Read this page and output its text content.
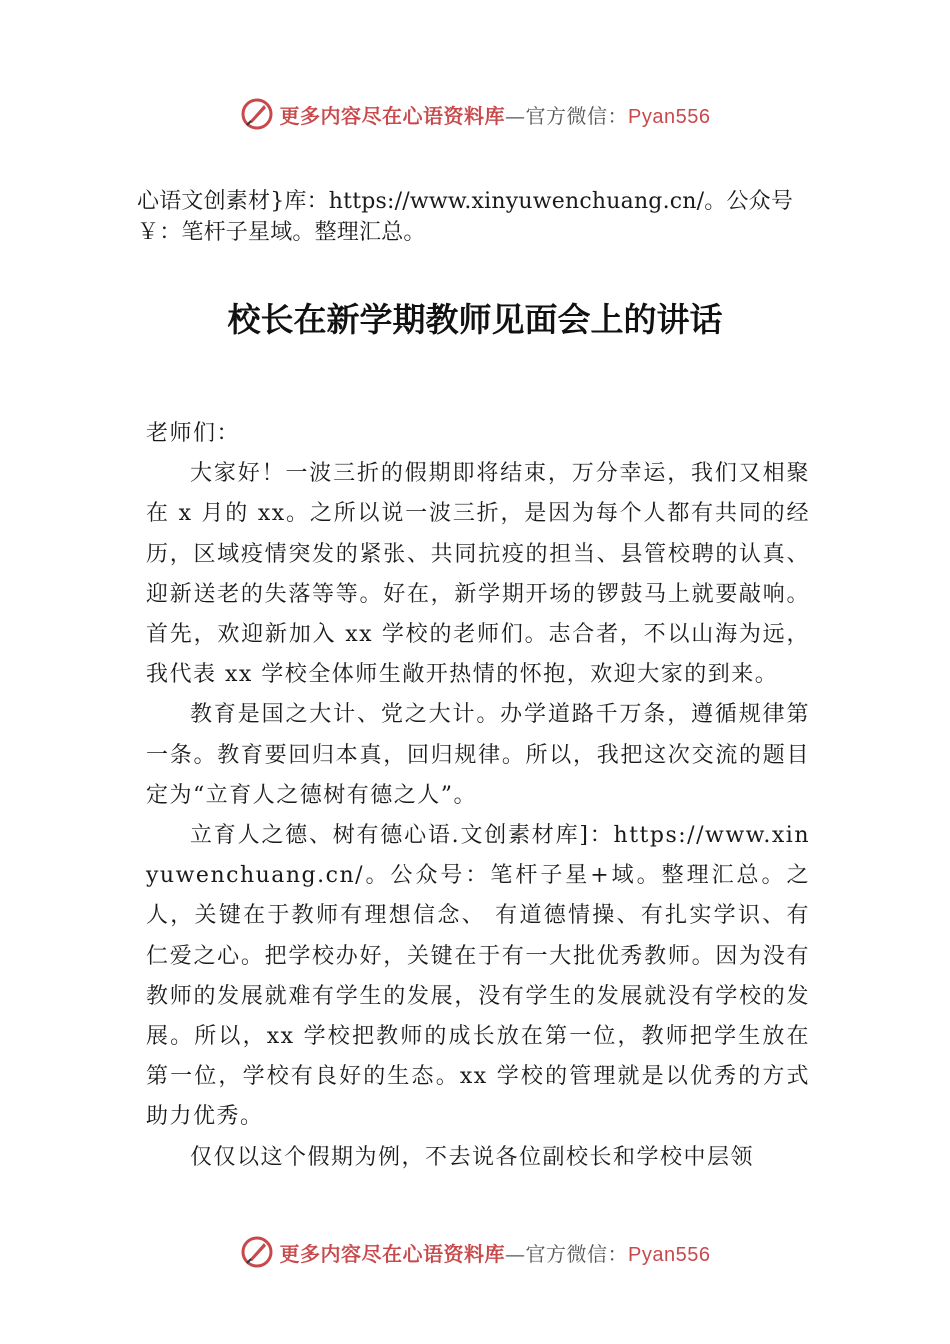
更多内容尽在心语资料库—官方微信：Pyan556
心语文创素材}库：https://www.xinyuwenchuang.cn/。公众号￥：笔杆子星域。整理汇总。
校长在新学期教师见面会上的讲话

老师们：

大家好！一波三折的假期即将结束，万分幸运，我们又相聚在 x 月的 xx。之所以说一波三折，是因为每个人都有共同的经历，区域疫情突发的紧张、共同抗疫的担当、县管校聘的认真、迎新送老的失落等等。好在，新学期开场的锣鼓马上就要敲响。首先，欢迎新加入 xx 学校的老师们。志合者，不以山海为远，我代表 xx 学校全体师生敞开热情的怀抱，欢迎大家的到来。

教育是国之大计、党之大计。办学道路千万条，遵循规律第一条。教育要回归本真，回归规律。所以，我把这次交流的题目定为“立育人之德树有德之人”。

立育人之德、树有德心语.文创素材库]：https://www.xinyuwenchuang.cn/。公众号：笔杆子星+域。整理汇总。之人，关键在于教师有理想信念、 有道德情操、有扎实学识、有仁爱之心。把学校办好，关键在于有一大批优秀教师。因为没有教师的发展就难有学生的发展，没有学生的发展就没有学校的发展。所以，xx 学校把教师的成长放在第一位，教师把学生放在第一位，学校有良好的生态。xx 学校的管理就是以优秀的方式助力优秀。

仅仅以这个假期为例，不去说各位副校长和学校中层领

更多内容尽在心语资料库—官方微信：Pyan556
